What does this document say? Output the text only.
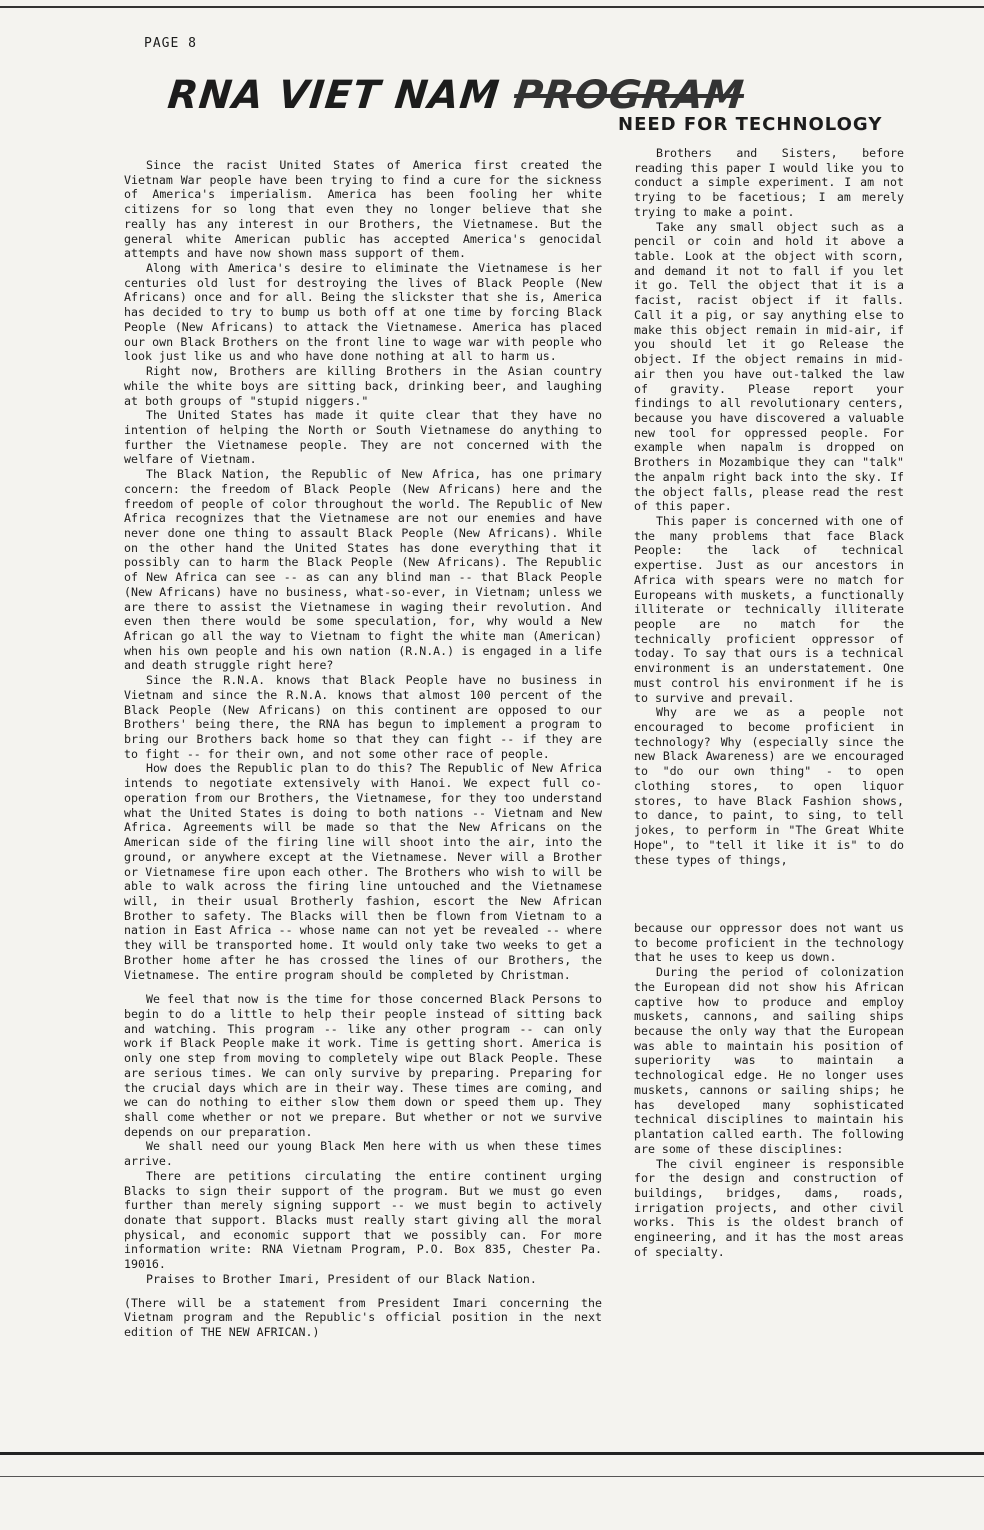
PAGE 8
RNA VIET NAM PROGRAM
NEED FOR TECHNOLOGY

Since the racist United States of America first created the Vietnam War people have been trying to find a cure for the sickness of America's imperialism. America has been fooling her white citizens for so long that even they no longer believe that she really has any interest in our Brothers, the Vietnamese. But the general white American public has accepted America's genocidal attempts and have now shown mass support of them.

Along with America's desire to eliminate the Vietnamese is her centuries old lust for destroying the lives of Black People (New Africans) once and for all. Being the slickster that she is, America has decided to try to bump us both off at one time by forcing Black People (New Africans) to attack the Vietnamese. America has placed our own Black Brothers on the front line to wage war with people who look just like us and who have done nothing at all to harm us.

Right now, Brothers are killing Brothers in the Asian country while the white boys are sitting back, drinking beer, and laughing at both groups of "stupid niggers."

The United States has made it quite clear that they have no intention of helping the North or South Vietnamese do anything to further the Vietnamese people. They are not concerned with the welfare of Vietnam.

The Black Nation, the Republic of New Africa, has one primary concern: the freedom of Black People (New Africans) here and the freedom of people of color throughout the world. The Republic of New Africa recognizes that the Vietnamese are not our enemies and have never done one thing to assault Black People (New Africans). While on the other hand the United States has done everything that it possibly can to harm the Black People (New Africans). The Republic of New Africa can see -- as can any blind man -- that Black People (New Africans) have no business, what-so-ever, in Vietnam; unless we are there to assist the Vietnamese in waging their revolution. And even then there would be some speculation, for, why would a New African go all the way to Vietnam to fight the white man (American) when his own people and his own nation (R.N.A.) is engaged in a life and death struggle right here?

Since the R.N.A. knows that Black People have no business in Vietnam and since the R.N.A. knows that almost 100 percent of the Black People (New Africans) on this continent are opposed to our Brothers' being there, the RNA has begun to implement a program to bring our Brothers back home so that they can fight -- if they are to fight -- for their own, and not some other race of people.

How does the Republic plan to do this? The Republic of New Africa intends to negotiate extensively with Hanoi. We expect full co-operation from our Brothers, the Vietnamese, for they too understand what the United States is doing to both nations -- Vietnam and New Africa. Agreements will be made so that the New Africans on the American side of the firing line will shoot into the air, into the ground, or anywhere except at the Vietnamese. Never will a Brother or Vietnamese fire upon each other. The Brothers who wish to will be able to walk across the firing line untouched and the Vietnamese will, in their usual Brotherly fashion, escort the New African Brother to safety. The Blacks will then be flown from Vietnam to a nation in East Africa -- whose name can not yet be revealed -- where they will be transported home. It would only take two weeks to get a Brother home after he has crossed the lines of our Brothers, the Vietnamese. The entire program should be completed by Christman.

We feel that now is the time for those concerned Black Persons to begin to do a little to help their people instead of sitting back and watching. This program -- like any other program -- can only work if Black People make it work. Time is getting short. America is only one step from moving to completely wipe out Black People. These are serious times. We can only survive by preparing. Preparing for the crucial days which are in their way. These times are coming, and we can do nothing to either slow them down or speed them up. They shall come whether or not we prepare. But whether or not we survive depends on our preparation.

We shall need our young Black Men here with us when these times arrive.

There are petitions circulating the entire continent urging Blacks to sign their support of the program. But we must go even further than merely signing support -- we must begin to actively donate that support. Blacks must really start giving all the moral physical, and economic support that we possibly can. For more information write: RNA Vietnam Program, P.O. Box 835, Chester Pa. 19016.

Praises to Brother Imari, President of our Black Nation.

(There will be a statement from President Imari concerning the Vietnam program and the Republic's official position in the next edition of THE NEW AFRICAN.)

Brothers and Sisters, before reading this paper I would like you to conduct a simple experiment. I am not trying to be facetious; I am merely trying to make a point.

Take any small object such as a pencil or coin and hold it above a table. Look at the object with scorn, and demand it not to fall if you let it go. Tell the object that it is a facist, racist object if it falls. Call it a pig, or say anything else to make this object remain in mid-air, if you should let it go Release the object. If the object remains in mid-air then you have out-talked the law of gravity. Please report your findings to all revolutionary centers, because you have discovered a valuable new tool for oppressed people. For example when napalm is dropped on Brothers in Mozambique they can "talk" the anpalm right back into the sky. If the object falls, please read the rest of this paper.

This paper is concerned with one of the many problems that face Black People: the lack of technical expertise. Just as our ancestors in Africa with spears were no match for Europeans with muskets, a functionally illiterate or technically illiterate people are no match for the technically proficient oppressor of today. To say that ours is a technical environment is an understatement. One must control his environment if he is to survive and prevail.

Why are we as a people not encouraged to become proficient in technology? Why (especially since the new Black Awareness) are we encouraged to "do our own thing" - to open clothing stores, to open liquor stores, to have Black Fashion shows, to dance, to paint, to sing, to tell jokes, to perform in "The Great White Hope", to "tell it like it is" to do these types of things,

because our oppressor does not want us to become proficient in the technology that he uses to keep us down.

During the period of colonization the European did not show his African captive how to produce and employ muskets, cannons, and sailing ships because the only way that the European was able to maintain his position of superiority was to maintain a technological edge. He no longer uses muskets, cannons or sailing ships; he has developed many sophisticated technical disciplines to maintain his plantation called earth. The following are some of these disciplines:

The civil engineer is responsible for the design and construction of buildings, bridges, dams, roads, irrigation projects, and other civil works. This is the oldest branch of engineering, and it has the most areas of specialty.
